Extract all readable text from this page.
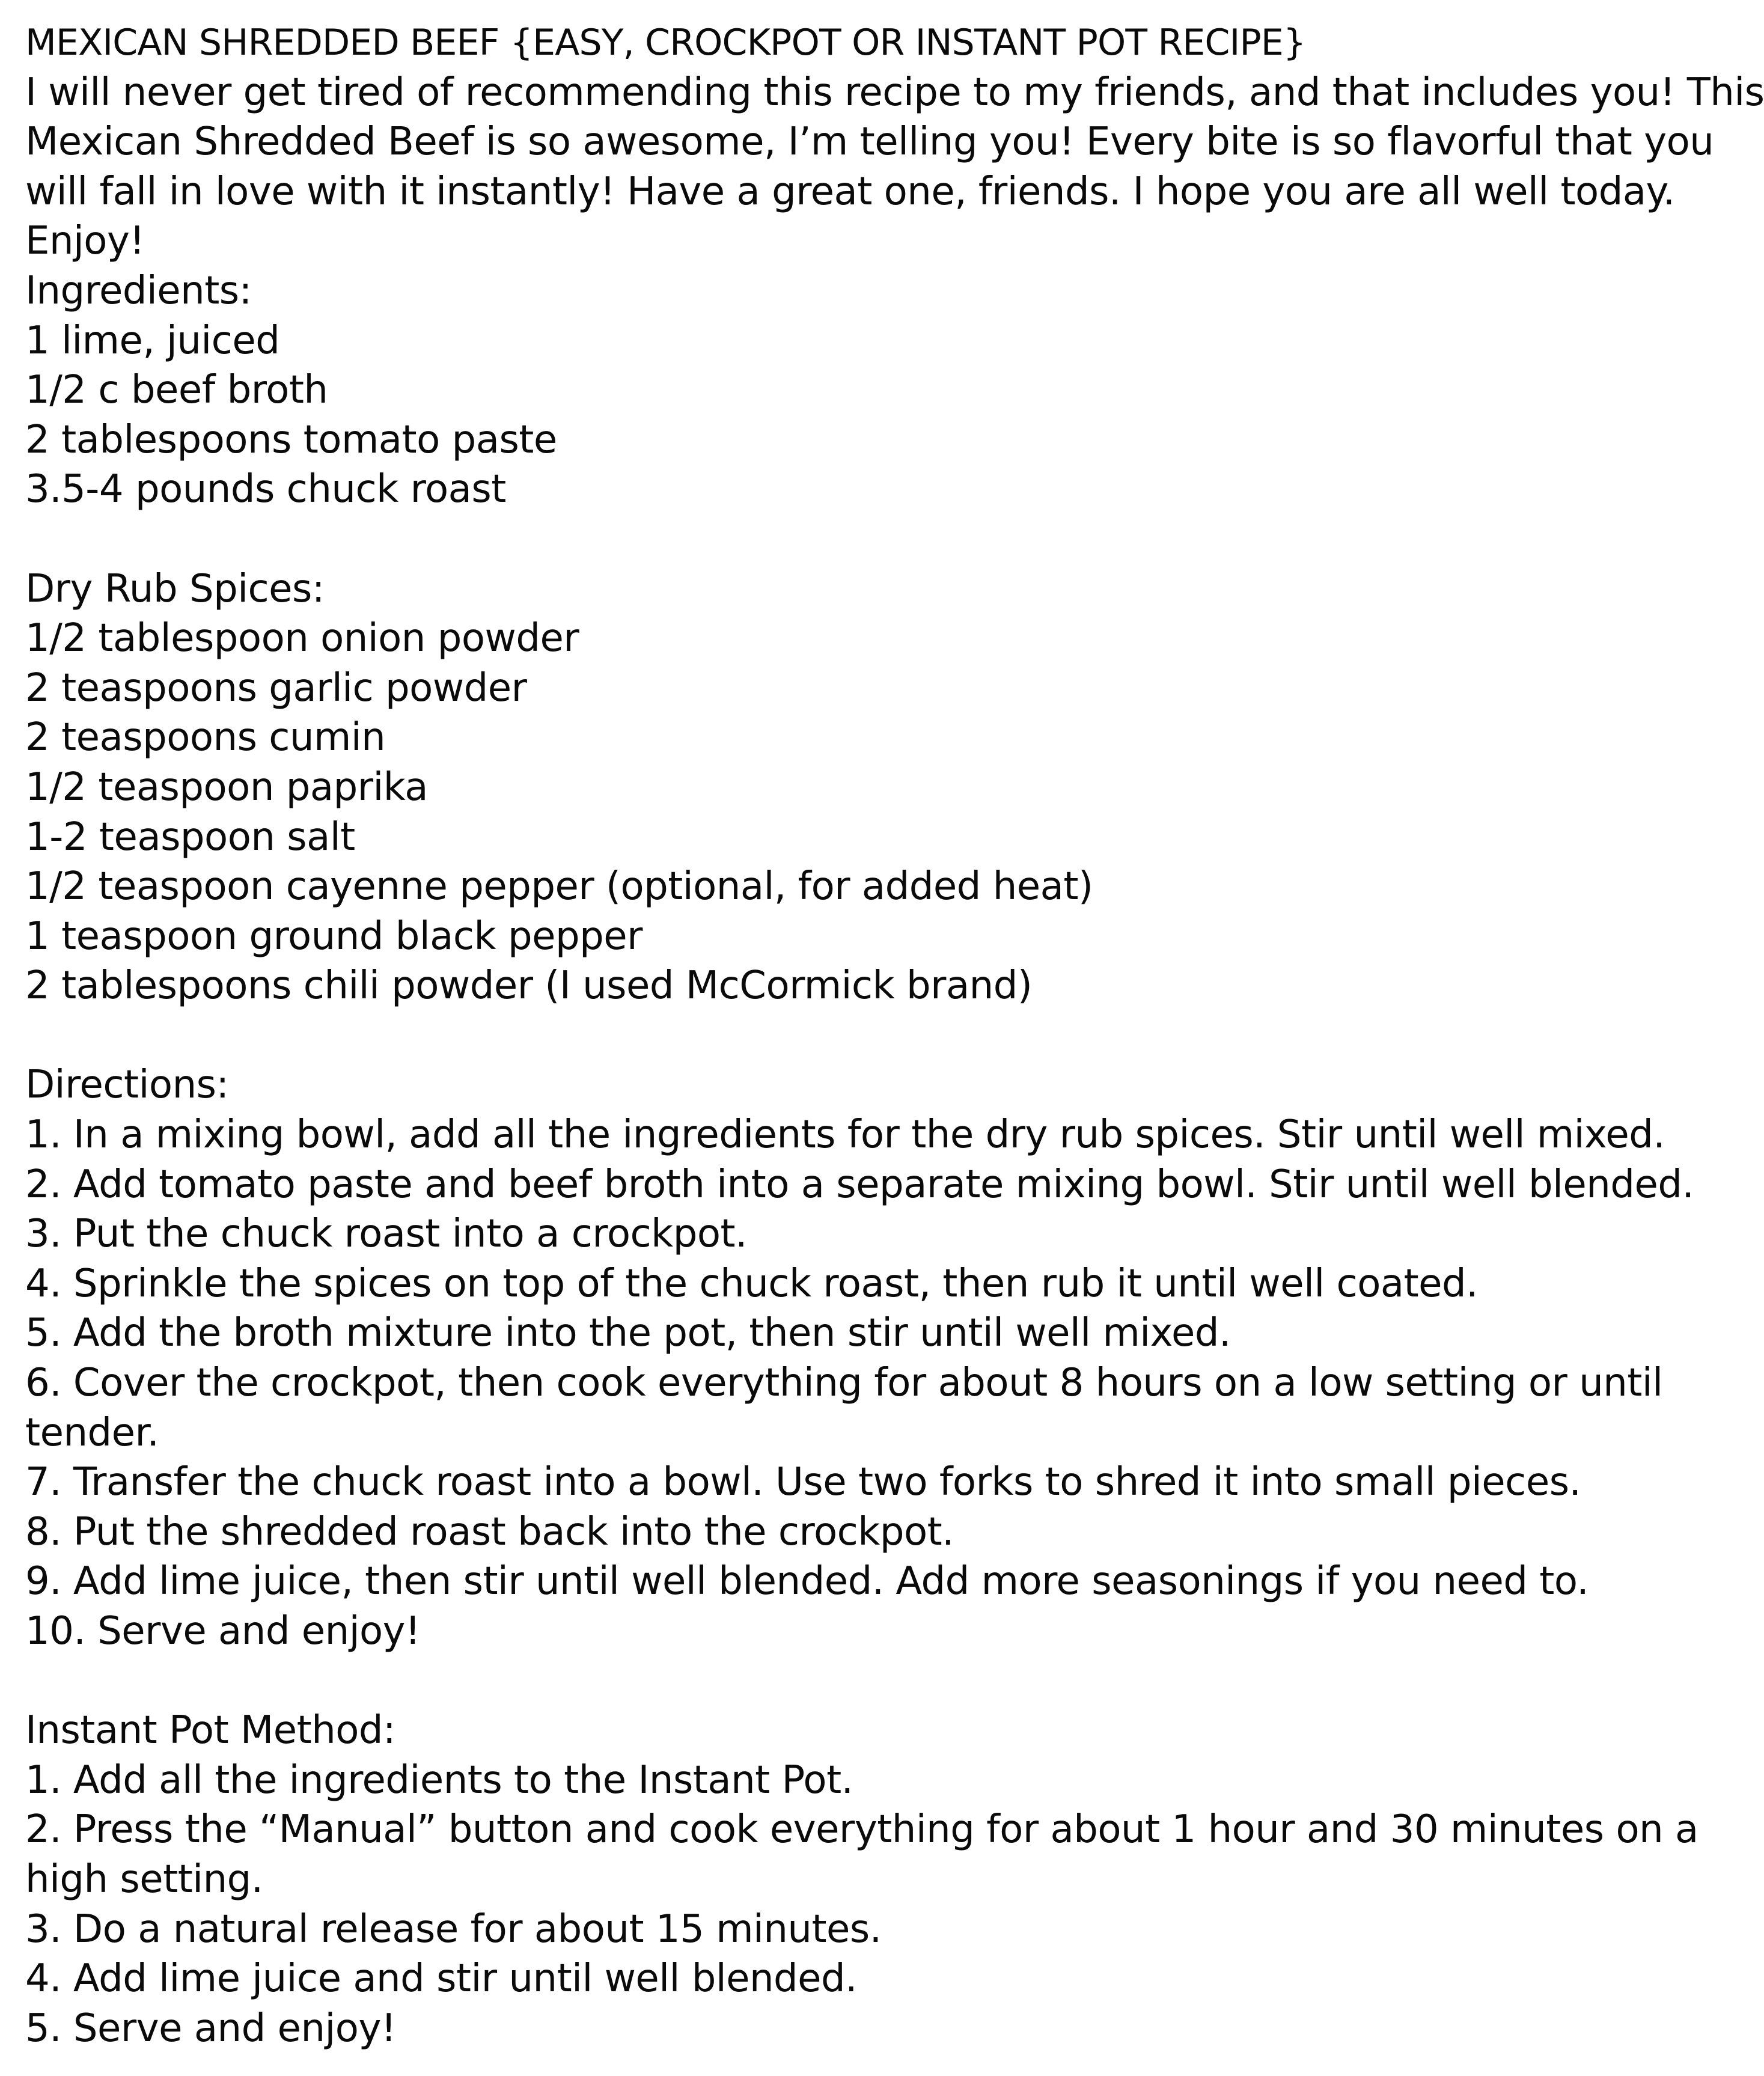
MEXICAN SHREDDED BEEF {EASY, CROCKPOT OR INSTANT POT RECIPE}
I will never get tired of recommending this recipe to my friends, and that includes you! This
Mexican Shredded Beef is so awesome, I’m telling you! Every bite is so flavorful that you
will fall in love with it instantly! Have a great one, friends. I hope you are all well today.
Enjoy!
Ingredients:
1 lime, juiced
1/2 c beef broth
2 tablespoons tomato paste
3.5-4 pounds chuck roast
Dry Rub Spices:
1/2 tablespoon onion powder
2 teaspoons garlic powder
2 teaspoons cumin
1/2 teaspoon paprika
1-2 teaspoon salt
1/2 teaspoon cayenne pepper (optional, for added heat)
1 teaspoon ground black pepper
2 tablespoons chili powder (I used McCormick brand)
Directions:
1. In a mixing bowl, add all the ingredients for the dry rub spices. Stir until well mixed.
2. Add tomato paste and beef broth into a separate mixing bowl. Stir until well blended.
3. Put the chuck roast into a crockpot.
4. Sprinkle the spices on top of the chuck roast, then rub it until well coated.
5. Add the broth mixture into the pot, then stir until well mixed.
6. Cover the crockpot, then cook everything for about 8 hours on a low setting or until
tender.
7. Transfer the chuck roast into a bowl. Use two forks to shred it into small pieces.
8. Put the shredded roast back into the crockpot.
9. Add lime juice, then stir until well blended. Add more seasonings if you need to.
10. Serve and enjoy!
Instant Pot Method:
1. Add all the ingredients to the Instant Pot.
2. Press the “Manual” button and cook everything for about 1 hour and 30 minutes on a
high setting.
3. Do a natural release for about 15 minutes.
4. Add lime juice and stir until well blended.
5. Serve and enjoy!
